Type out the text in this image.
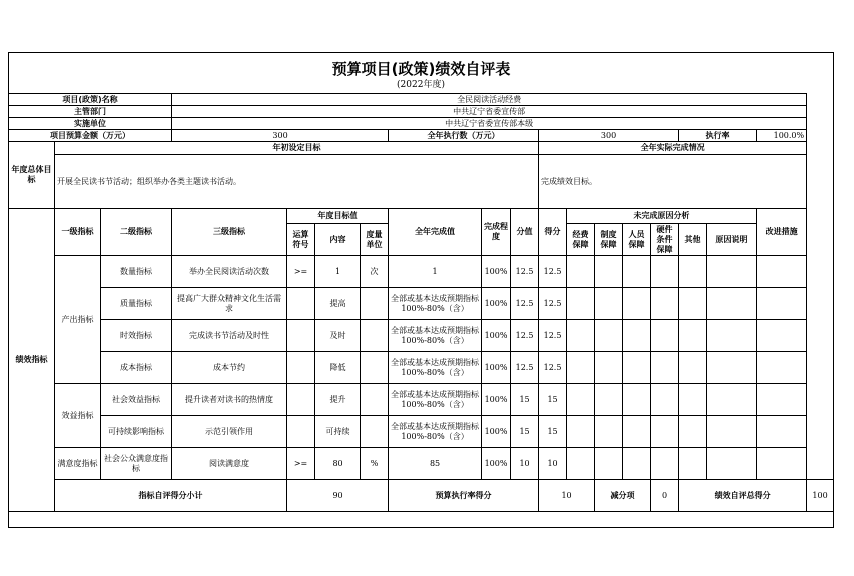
预算项目(政策)绩效自评表
(2022年度)
项目(政策)名称			全民阅读活动经费															
主管部门			中共辽宁省委宣传部															
实施单位			中共辽宁省委宣传部本级															
项目预算金额（万元）			300				全年执行数（万元）			300					执行率		100.0%	
年度总体目标	年初设定目标									全年实际完成情况								
	开展全民读书节活动；组织举办各类主题读书活动。									完成绩效目标。								
绩效指标	一级指标	二级指标	三级指标	年度目标值			全年完成值	完成程度	分值	得分	未完成原因分析						改进措施	
				运算符号	内容	度量单位					经费保障	制度保障	人员保障	硬件条件保障	其他	原因说明		
	产出指标	数量指标	举办全民阅读活动次数	>=	1	次	1	100%	12.5	12.5								
		质量指标	提高广大群众精神文化生活需求		提高		全部或基本达成预期指标100%-80%（含）	100%	12.5	12.5								
		时效指标	完成读书节活动及时性		及时		全部或基本达成预期指标100%-80%（含）	100%	12.5	12.5								
		成本指标	成本节约		降低		全部或基本达成预期指标100%-80%（含）	100%	12.5	12.5								
	效益指标	社会效益指标	提升读者对读书的热情度		提升		全部或基本达成预期指标100%-80%（含）	100%	15	15								
		可持续影响指标	示范引领作用		可持续		全部或基本达成预期指标100%-80%（含）	100%	15	15								
	满意度指标	社会公众满意度指标	阅读满意度	>=	80	%	85	100%	10	10								
	指标自评得分小计			90			预算执行率得分			10		减分项		0	绩效自评总得分			100
